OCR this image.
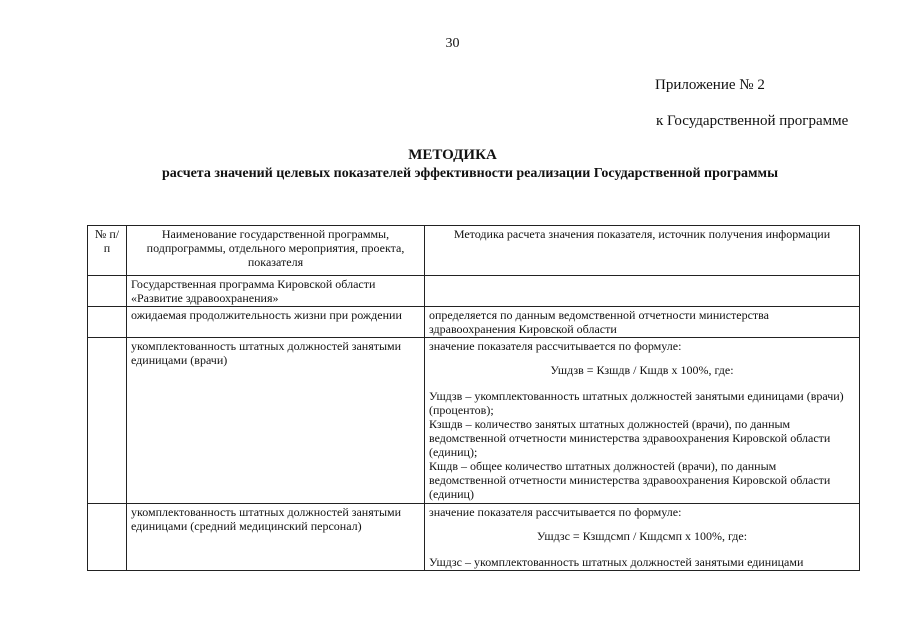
30
Приложение № 2
к Государственной программе
МЕТОДИКА
расчета значений целевых показателей эффективности реализации Государственной программы
№ п/п	Наименование государственной программы, подпрограммы, отдельного мероприятия, проекта, показателя	Методика расчета значения показателя, источник получения информации
	Государственная программа Кировской области «Развитие здравоохранения»	
	ожидаемая продолжительность жизни при рождении	определяется по данным ведомственной отчетности министерства здравоохранения Кировской области
	укомплектованность штатных должностей занятыми единицами (врачи)	значение показателя рассчитывается по формуле:
Ушдзв = Кзшдв / Кшдв х 100%, где:
Ушдзв – укомплектованность штатных должностей занятыми единицами (врачи) (процентов);
Кзшдв – количество занятых штатных должностей (врачи), по данным ведомственной отчетности министерства здравоохранения Кировской области (единиц);
Кшдв – общее количество штатных должностей (врачи), по данным ведомственной отчетности министерства здравоохранения Кировской области (единиц)

	укомплектованность штатных должностей занятыми единицами (средний медицинский персонал)	значение показателя рассчитывается по формуле:
Ушдзс = Кзшдсмп / Кшдсмп х 100%, где:
Ушдзс – укомплектованность штатных должностей занятыми единицами
